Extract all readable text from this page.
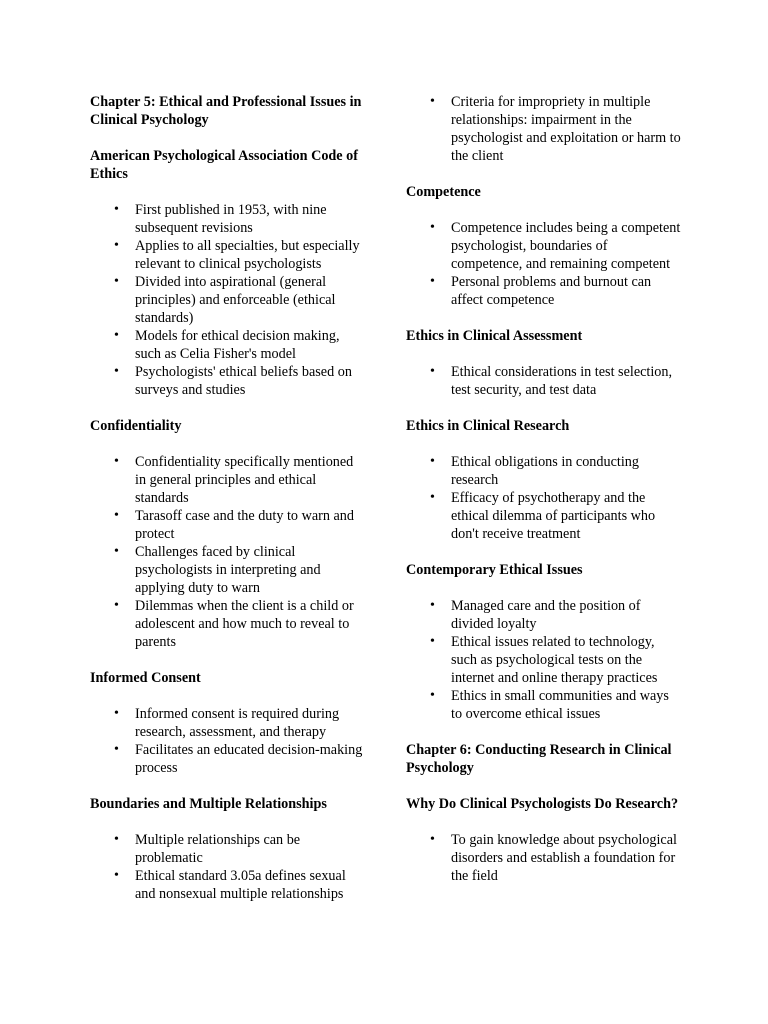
Chapter 5: Ethical and Professional Issues in Clinical Psychology
American Psychological Association Code of Ethics
• First published in 1953, with nine subsequent revisions
• Applies to all specialties, but especially relevant to clinical psychologists
• Divided into aspirational (general principles) and enforceable (ethical standards)
• Models for ethical decision making, such as Celia Fisher's model
• Psychologists' ethical beliefs based on surveys and studies
Confidentiality
• Confidentiality specifically mentioned in general principles and ethical standards
• Tarasoff case and the duty to warn and protect
• Challenges faced by clinical psychologists in interpreting and applying duty to warn
• Dilemmas when the client is a child or adolescent and how much to reveal to parents
Informed Consent
• Informed consent is required during research, assessment, and therapy
• Facilitates an educated decision-making process
Boundaries and Multiple Relationships
• Multiple relationships can be problematic
• Ethical standard 3.05a defines sexual and nonsexual multiple relationships
• Criteria for impropriety in multiple relationships: impairment in the psychologist and exploitation or harm to the client
Competence
• Competence includes being a competent psychologist, boundaries of competence, and remaining competent
• Personal problems and burnout can affect competence
Ethics in Clinical Assessment
• Ethical considerations in test selection, test security, and test data
Ethics in Clinical Research
• Ethical obligations in conducting research
• Efficacy of psychotherapy and the ethical dilemma of participants who don't receive treatment
Contemporary Ethical Issues
• Managed care and the position of divided loyalty
• Ethical issues related to technology, such as psychological tests on the internet and online therapy practices
• Ethics in small communities and ways to overcome ethical issues
Chapter 6: Conducting Research in Clinical Psychology
Why Do Clinical Psychologists Do Research?
• To gain knowledge about psychological disorders and establish a foundation for the field
